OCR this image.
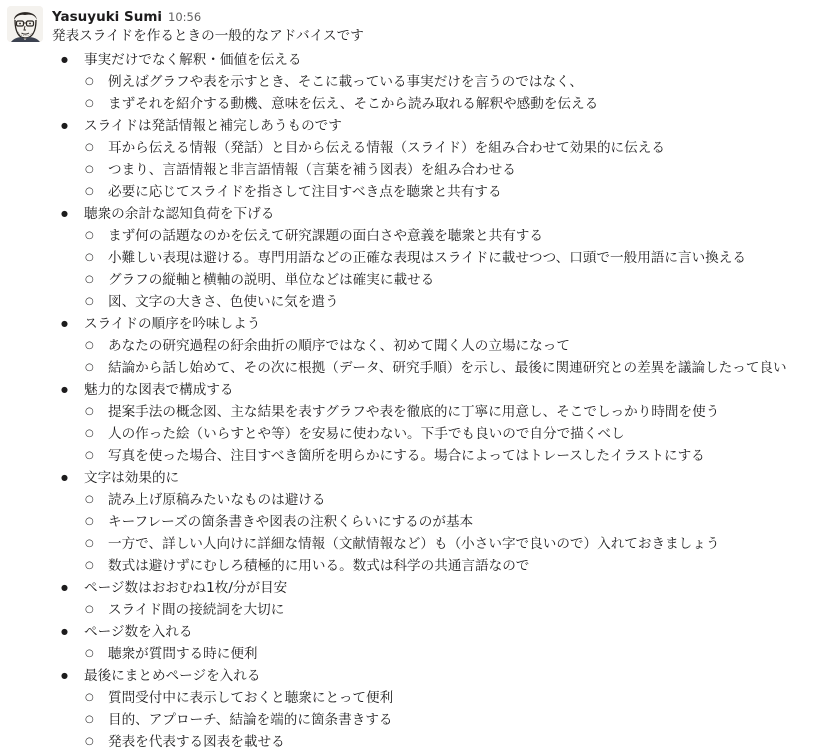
Yasuyuki Sumi 10:56
発表スライドを作るときの一般的なアドバイスです
● 事実だけでなく解釈・価値を伝える
○ 例えばグラフや表を示すとき、そこに載っている事実だけを言うのではなく、
○ まずそれを紹介する動機、意味を伝え、そこから読み取れる解釈や感動を伝える
● スライドは発話情報と補完しあうものです
○ 耳から伝える情報（発話）と目から伝える情報（スライド）を組み合わせて効果的に伝える
○ つまり、言語情報と非言語情報（言葉を補う図表）を組み合わせる
○ 必要に応じてスライドを指さして注目すべき点を聴衆と共有する
● 聴衆の余計な認知負荷を下げる
○ まず何の話題なのかを伝えて研究課題の面白さや意義を聴衆と共有する
○ 小難しい表現は避ける。専門用語などの正確な表現はスライドに載せつつ、口頭で一般用語に言い換える
○ グラフの縦軸と横軸の説明、単位などは確実に載せる
○ 図、文字の大きさ、色使いに気を遣う
● スライドの順序を吟味しよう
○ あなたの研究過程の紆余曲折の順序ではなく、初めて聞く人の立場になって
○ 結論から話し始めて、その次に根拠（データ、研究手順）を示し、最後に関連研究との差異を議論したって良い
● 魅力的な図表で構成する
○ 提案手法の概念図、主な結果を表すグラフや表を徹底的に丁寧に用意し、そこでしっかり時間を使う
○ 人の作った絵（いらすとや等）を安易に使わない。下手でも良いので自分で描くべし
○ 写真を使った場合、注目すべき箇所を明らかにする。場合によってはトレースしたイラストにする
● 文字は効果的に
○ 読み上げ原稿みたいなものは避ける
○ キーフレーズの箇条書きや図表の注釈くらいにするのが基本
○ 一方で、詳しい人向けに詳細な情報（文献情報など）も（小さい字で良いので）入れておきましょう
○ 数式は避けずにむしろ積極的に用いる。数式は科学の共通言語なので
● ページ数はおおむね1枚/分が目安
○ スライド間の接続詞を大切に
● ページ数を入れる
○ 聴衆が質問する時に便利
● 最後にまとめページを入れる
○ 質問受付中に表示しておくと聴衆にとって便利
○ 目的、アプローチ、結論を端的に箇条書きする
○ 発表を代表する図表を載せる
